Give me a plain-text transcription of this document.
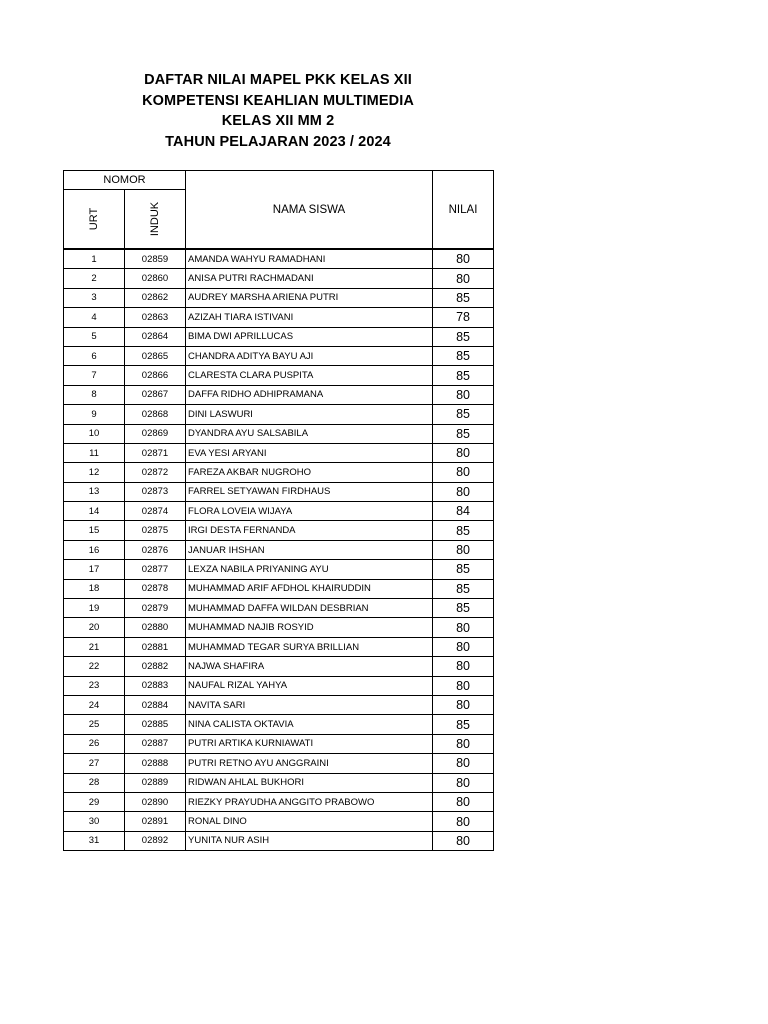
DAFTAR NILAI MAPEL PKK KELAS XII
KOMPETENSI KEAHLIAN MULTIMEDIA
KELAS XII MM 2
TAHUN PELAJARAN 2023 / 2024
NOMOR		NAMA SISWA	NILAI
URT	INDUK		
1	02859	AMANDA WAHYU RAMADHANI	80
2	02860	ANISA PUTRI RACHMADANI	80
3	02862	AUDREY MARSHA ARIENA PUTRI	85
4	02863	AZIZAH TIARA ISTIVANI	78
5	02864	BIMA DWI APRILLUCAS	85
6	02865	CHANDRA ADITYA BAYU AJI	85
7	02866	CLARESTA CLARA PUSPITA	85
8	02867	DAFFA RIDHO ADHIPRAMANA	80
9	02868	DINI LASWURI	85
10	02869	DYANDRA AYU SALSABILA	85
11	02871	EVA YESI ARYANI	80
12	02872	FAREZA AKBAR NUGROHO	80
13	02873	FARREL SETYAWAN FIRDHAUS	80
14	02874	FLORA LOVEIA WIJAYA	84
15	02875	IRGI DESTA FERNANDA	85
16	02876	JANUAR IHSHAN	80
17	02877	LEXZA NABILA PRIYANING AYU	85
18	02878	MUHAMMAD ARIF AFDHOL KHAIRUDDIN	85
19	02879	MUHAMMAD DAFFA WILDAN DESBRIAN	85
20	02880	MUHAMMAD NAJIB ROSYID	80
21	02881	MUHAMMAD TEGAR SURYA BRILLIAN	80
22	02882	NAJWA SHAFIRA	80
23	02883	NAUFAL RIZAL YAHYA	80
24	02884	NAVITA SARI	80
25	02885	NINA CALISTA OKTAVIA	85
26	02887	PUTRI ARTIKA KURNIAWATI	80
27	02888	PUTRI RETNO AYU ANGGRAINI	80
28	02889	RIDWAN AHLAL BUKHORI	80
29	02890	RIEZKY PRAYUDHA ANGGITO PRABOWO	80
30	02891	RONAL DINO	80
31	02892	YUNITA NUR ASIH	80
